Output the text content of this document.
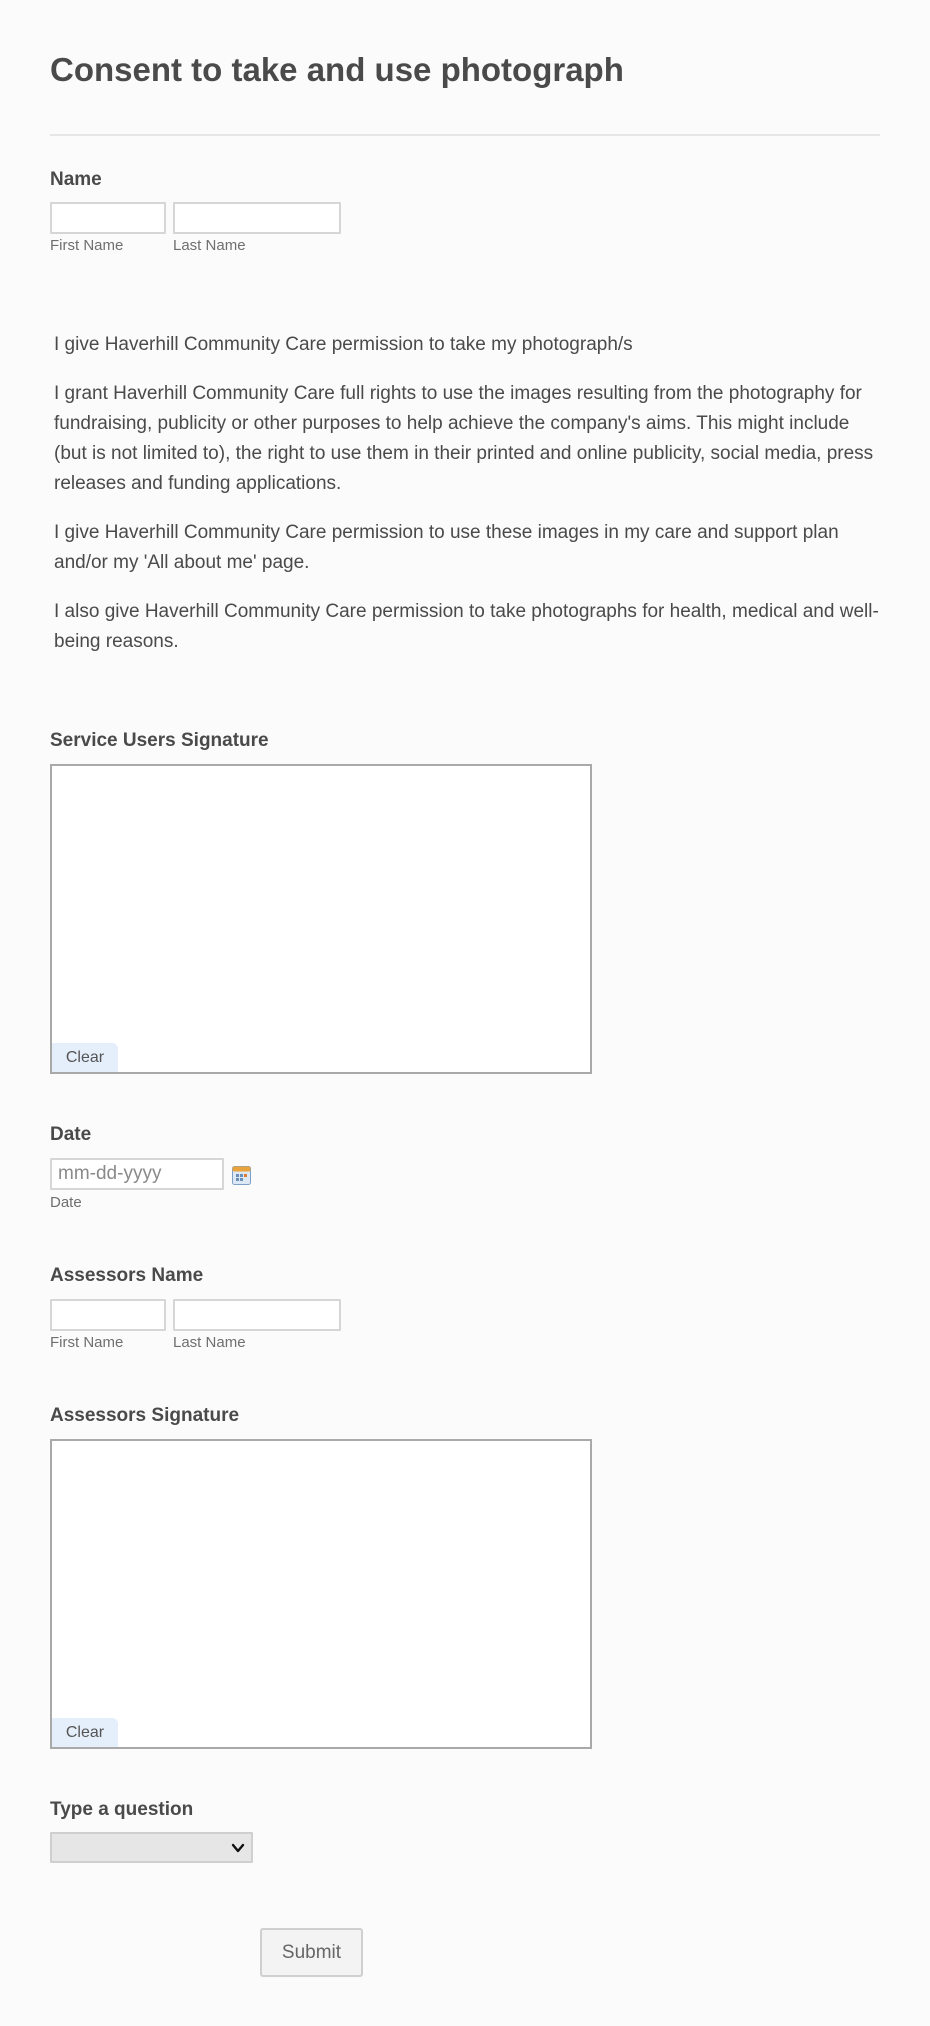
Consent to take and use photograph
Name
First Name	Last Name

I give Haverhill Community Care permission to take my photograph/s

I grant Haverhill Community Care full rights to use the images resulting from the photography for fundraising, publicity or other purposes to help achieve the company's aims. This might include (but is not limited to), the right to use them in their printed and online publicity, social media, press releases and funding applications.

I give Haverhill Community Care permission to use these images in my care and support plan and/or my 'All about me' page.

I also give Haverhill Community Care permission to take photographs for health, medical and well-being reasons.

Service Users Signature
Clear
Date
mm-dd-yyyy
Date
Assessors Name
First Name	Last Name
Assessors Signature
Clear
Type a question
Submit
